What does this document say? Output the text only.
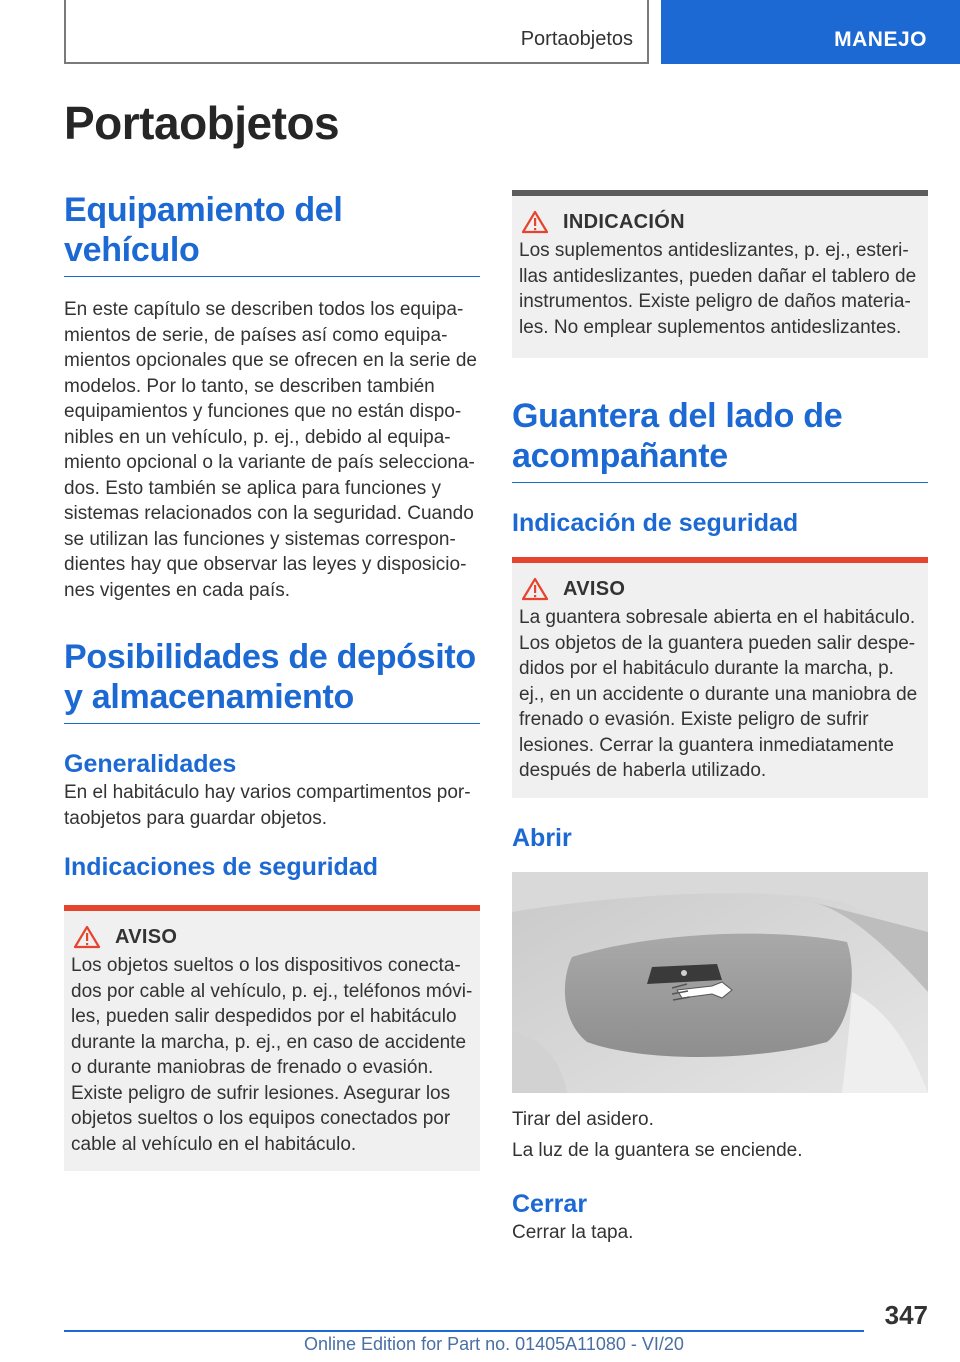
Portaobjetos	MANEJO
Portaobjetos
Equipamiento del vehículo

En este capítulo se describen todos los equipamientos de serie, de países así como equipamientos opcionales que se ofrecen en la serie de modelos. Por lo tanto, se describen también equipamientos y funciones que no están disponibles en un vehículo, p. ej., debido al equipamiento opcional o la variante de país seleccionados. Esto también se aplica para funciones y sistemas relacionados con la seguridad. Cuando se utilizan las funciones y sistemas correspondientes hay que observar las leyes y disposiciones vigentes en cada país.

Posibilidades de depósito y almacenamiento
Generalidades

En el habitáculo hay varios compartimentos portaobjetos para guardar objetos.

Indicaciones de seguridad
AVISO

Los objetos sueltos o los dispositivos conectados por cable al vehículo, p. ej., teléfonos móviles, pueden salir despedidos por el habitáculo durante la marcha, p. ej., en caso de accidente o durante maniobras de frenado o evasión. Existe peligro de sufrir lesiones. Asegurar los objetos sueltos o los equipos conectados por cable al vehículo en el habitáculo.

INDICACIÓN

Los suplementos antideslizantes, p. ej., esterillas antideslizantes, pueden dañar el tablero de instrumentos. Existe peligro de daños materiales. No emplear suplementos antideslizantes.

Guantera del lado de acompañante
Indicación de seguridad
AVISO

La guantera sobresale abierta en el habitáculo. Los objetos de la guantera pueden salir despedidos por el habitáculo durante la marcha, p. ej., en un accidente o durante una maniobra de frenado o evasión. Existe peligro de sufrir lesiones. Cerrar la guantera inmediatamente después de haberla utilizado.

Abrir

Tirar del asidero.

La luz de la guantera se enciende.

Cerrar

Cerrar la tapa.

347
Online Edition for Part no. 01405A11080 - VI/20
